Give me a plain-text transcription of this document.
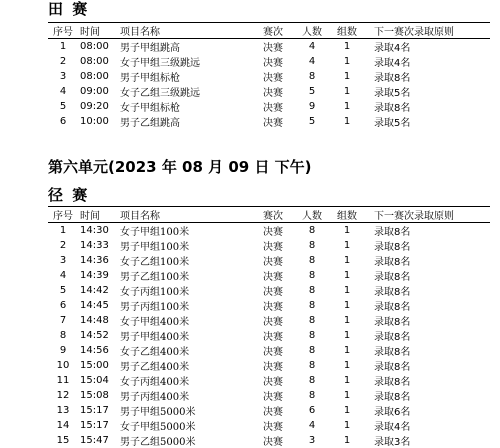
田 赛
序号	时间	项目名称	赛次	人数	组数	下一赛次录取原则
1	08:00	男子甲组跳高	决赛	4	1	录取4名
2	08:00	女子甲组三级跳远	决赛	4	1	录取4名
3	08:00	男子甲组标枪	决赛	8	1	录取8名
4	09:00	女子乙组三级跳远	决赛	5	1	录取5名
5	09:20	女子甲组标枪	决赛	9	1	录取8名
6	10:00	男子乙组跳高	决赛	5	1	录取5名
第六单元(2023 年 08 月 09 日 下午)
径 赛
序号	时间	项目名称	赛次	人数	组数	下一赛次录取原则
1	14:30	女子甲组100米	决赛	8	1	录取8名
2	14:33	男子甲组100米	决赛	8	1	录取8名
3	14:36	女子乙组100米	决赛	8	1	录取8名
4	14:39	男子乙组100米	决赛	8	1	录取8名
5	14:42	女子丙组100米	决赛	8	1	录取8名
6	14:45	男子丙组100米	决赛	8	1	录取8名
7	14:48	女子甲组400米	决赛	8	1	录取8名
8	14:52	男子甲组400米	决赛	8	1	录取8名
9	14:56	女子乙组400米	决赛	8	1	录取8名
10	15:00	男子乙组400米	决赛	8	1	录取8名
11	15:04	女子丙组400米	决赛	8	1	录取8名
12	15:08	男子丙组400米	决赛	8	1	录取8名
13	15:17	男子甲组5000米	决赛	6	1	录取6名
14	15:17	女子甲组5000米	决赛	4	1	录取4名
15	15:47	男子乙组5000米	决赛	3	1	录取3名
